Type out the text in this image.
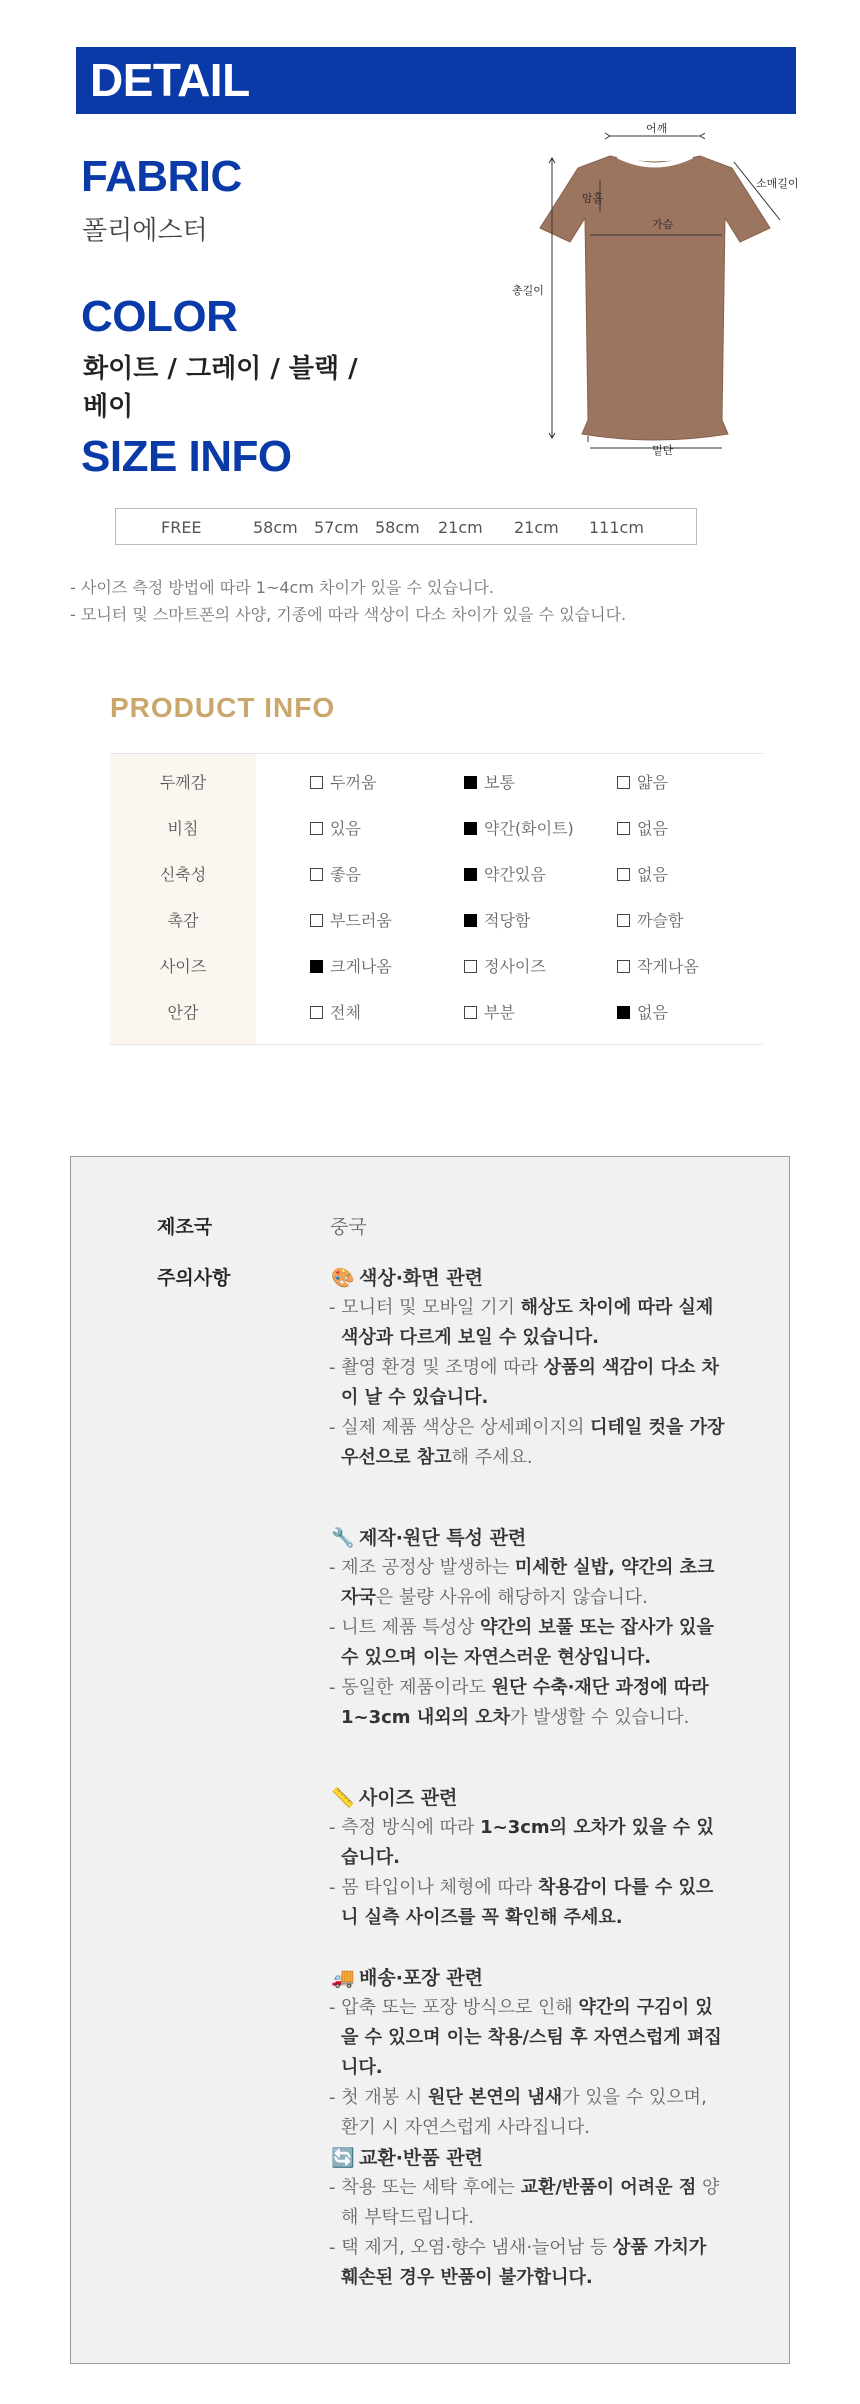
DETAIL
FABRIC
폴리에스터
COLOR
화이트 / 그레이 / 블랙 / 베이
SIZE INFO
어깨
소매길이
암홀
가슴
총길이
밑단
FREE	58cm 57cm 58cm 21cm 21cm 111cm
- 사이즈 측정 방법에 따라 1~4cm 차이가 있을 수 있습니다.
- 모니터 및 스마트폰의 사양, 기종에 따라 색상이 다소 차이가 있을 수 있습니다.
PRODUCT INFO
두께감	두꺼움	보통	얇음
비침	있음	약간(화이트)	없음
신축성	좋음	약간있음	없음
촉감	부드러움	적당함	까슬함
사이즈	크게나옴	정사이즈	작게나옴
안감	전체	부분	없음
제조국	중국
주의사항	🎨 색상·화면 관련

- 모니터 및 모바일 기기 해상도 차이에 따라 실제 색상과 다르게 보일 수 있습니다.

- 촬영 환경 및 조명에 따라 상품의 색감이 다소 차이 날 수 있습니다.

- 실제 제품 색상은 상세페이지의 디테일 컷을 가장 우선으로 참고해 주세요.

🔧 제작·원단 특성 관련

- 제조 공정상 발생하는 미세한 실밥, 약간의 초크 자국은 불량 사유에 해당하지 않습니다.

- 니트 제품 특성상 약간의 보풀 또는 잡사가 있을 수 있으며 이는 자연스러운 현상입니다.

- 동일한 제품이라도 원단 수축·재단 과정에 따라 1~3cm 내외의 오차가 발생할 수 있습니다.

📏 사이즈 관련

- 측정 방식에 따라 1~3cm의 오차가 있을 수 있습니다.

- 몸 타입이나 체형에 따라 착용감이 다를 수 있으니 실측 사이즈를 꼭 확인해 주세요.

🚚 배송·포장 관련

- 압축 또는 포장 방식으로 인해 약간의 구김이 있을 수 있으며 이는 착용/스팀 후 자연스럽게 펴집니다.

- 첫 개봉 시 원단 본연의 냄새가 있을 수 있으며, 환기 시 자연스럽게 사라집니다.

🔄 교환·반품 관련

- 착용 또는 세탁 후에는 교환/반품이 어려운 점 양해 부탁드립니다.

- 택 제거, 오염·향수 냄새·늘어남 등 상품 가치가 훼손된 경우 반품이 불가합니다.
